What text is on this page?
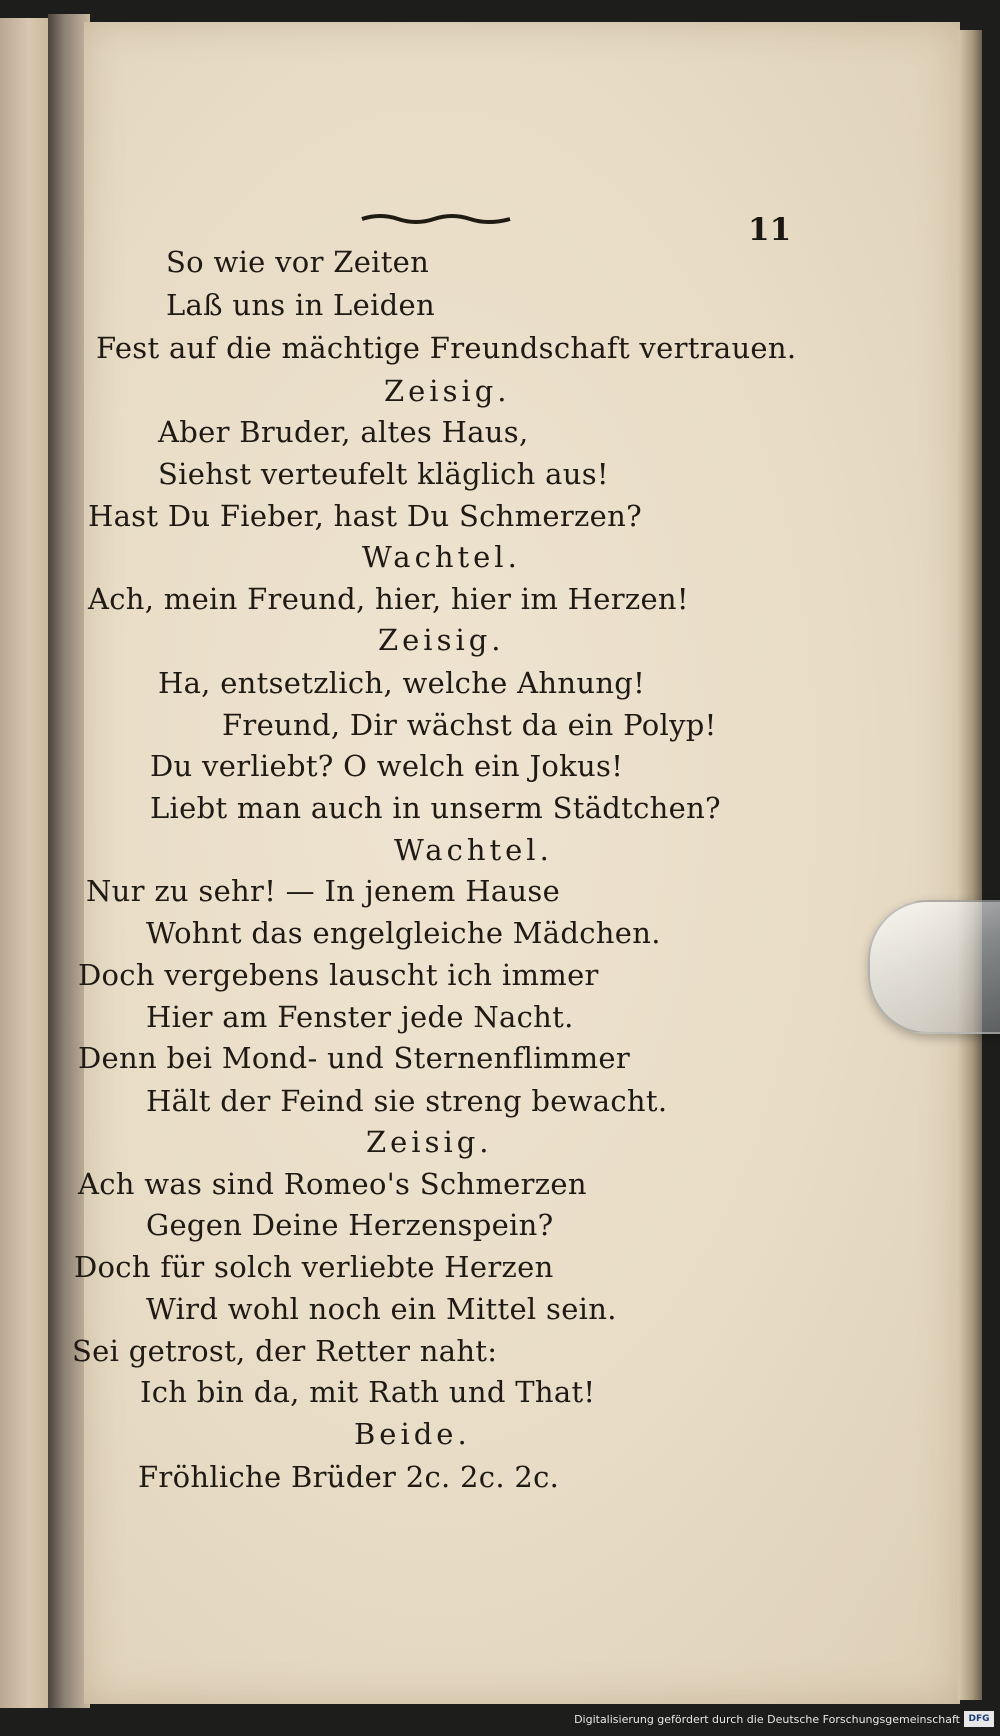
11
So wie vor Zeiten
Laß uns in Leiden
Fest auf die mächtige Freundschaft vertrauen.
Zeisig.
Aber Bruder, altes Haus,
Siehst verteufelt kläglich aus!
Hast Du Fieber, hast Du Schmerzen?
Wachtel.
Ach, mein Freund, hier, hier im Herzen!
Zeisig.
Ha, entsetzlich, welche Ahnung!
Freund, Dir wächst da ein Polyp!
Du verliebt? O welch ein Jokus!
Liebt man auch in unserm Städtchen?
Wachtel.
Nur zu sehr! — In jenem Hause
Wohnt das engelgleiche Mädchen.
Doch vergebens lauscht ich immer
Hier am Fenster jede Nacht.
Denn bei Mond- und Sternenflimmer
Hält der Feind sie streng bewacht.
Zeisig.
Ach was sind Romeo's Schmerzen
Gegen Deine Herzenspein?
Doch für solch verliebte Herzen
Wird wohl noch ein Mittel sein.
Sei getrost, der Retter naht:
Ich bin da, mit Rath und That!
Beide.
Fröhliche Brüder 2c. 2c. 2c.
Digitalisierung gefördert durch die Deutsche Forschungsgemeinschaft DFG
